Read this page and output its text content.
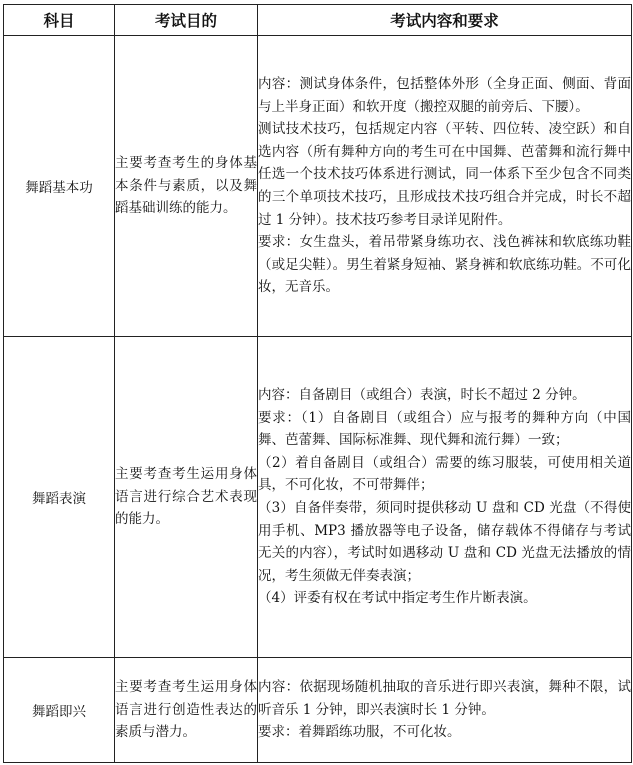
科目	考试目的	考试内容和要求
舞蹈基本功	主要考查考生的身体基本条件与素质，以及舞蹈基础训练的能力。	内容：测试身体条件，包括整体外形（全身正面、侧面、背面与上半身正面）和软开度（搬控双腿的前旁后、下腰）。

测试技术技巧，包括规定内容（平转、四位转、凌空跃）和自选内容（所有舞种方向的考生可在中国舞、芭蕾舞和流行舞中任选一个技术技巧体系进行测试，同一体系下至少包含不同类的三个单项技术技巧，且形成技术技巧组合并完成，时长不超过 1 分钟）。技术技巧参考目录详见附件。

要求：女生盘头，着吊带紧身练功衣、浅色裤袜和软底练功鞋（或足尖鞋）。男生着紧身短袖、紧身裤和软底练功鞋。不可化妆，无音乐。

舞蹈表演	主要考查考生运用身体语言进行综合艺术表现的能力。	内容：自备剧目（或组合）表演，时长不超过 2 分钟。

要求：（1）自备剧目（或组合）应与报考的舞种方向（中国舞、芭蕾舞、国际标准舞、现代舞和流行舞）一致；

（2）着自备剧目（或组合）需要的练习服装，可使用相关道具，不可化妆，不可带舞伴；

（3）自备伴奏带，须同时提供移动 U 盘和 CD 光盘（不得使用手机、MP3 播放器等电子设备，储存载体不得储存与考试无关的内容），考试时如遇移动 U 盘和 CD 光盘无法播放的情况，考生须做无伴奏表演；

（4）评委有权在考试中指定考生作片断表演。

舞蹈即兴	主要考查考生运用身体语言进行创造性表达的素质与潜力。	内容：依据现场随机抽取的音乐进行即兴表演，舞种不限，试听音乐 1 分钟，即兴表演时长 1 分钟。

要求：着舞蹈练功服，不可化妆。
